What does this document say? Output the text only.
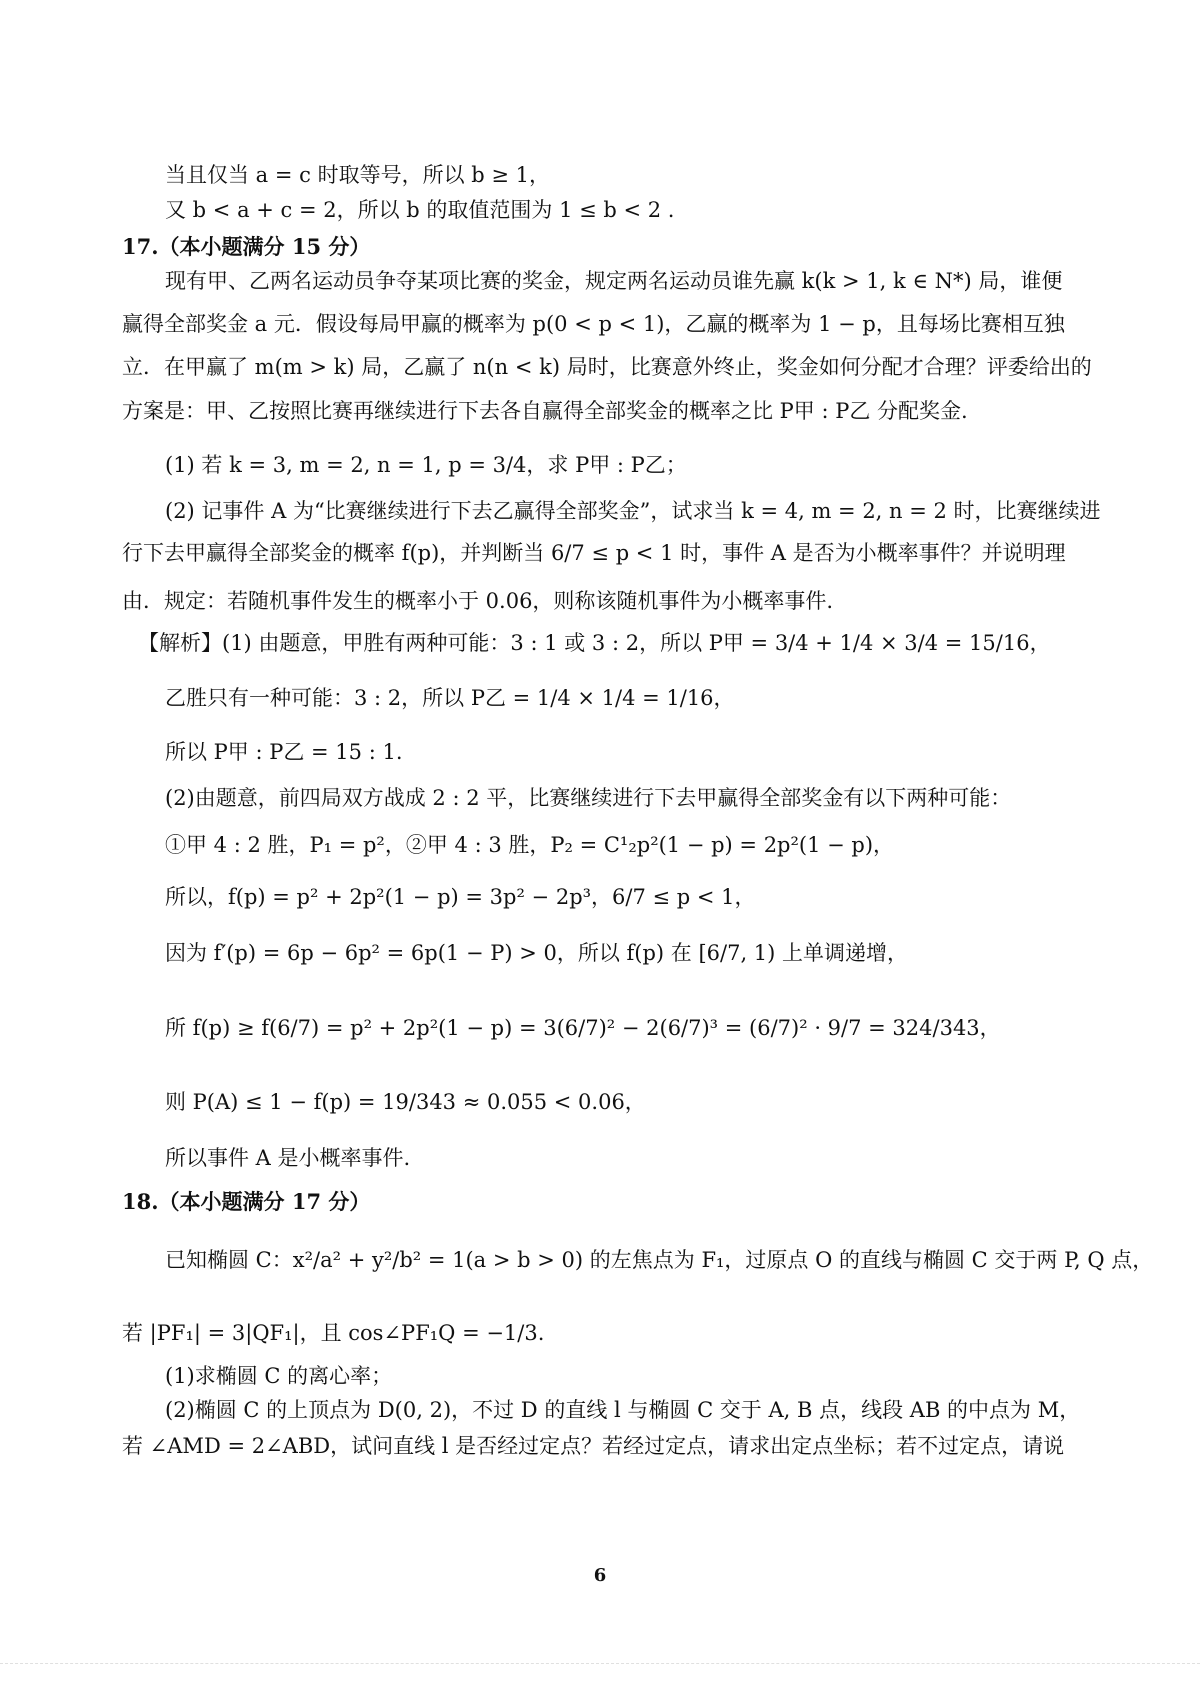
当且仅当 a = c 时取等号，所以 b ≥ 1，
又 b < a + c = 2，所以 b 的取值范围为 1 ≤ b < 2 .
17.（本小题满分 15 分）
现有甲、乙两名运动员争夺某项比赛的奖金，规定两名运动员谁先赢 k(k > 1, k ∈ N*) 局，谁便
赢得全部奖金 a 元．假设每局甲赢的概率为 p(0 < p < 1)，乙赢的概率为 1 − p，且每场比赛相互独
立．在甲赢了 m(m > k) 局，乙赢了 n(n < k) 局时，比赛意外终止，奖金如何分配才合理？评委给出的
方案是：甲、乙按照比赛再继续进行下去各自赢得全部奖金的概率之比 P甲 : P乙 分配奖金.
(1) 若 k = 3, m = 2, n = 1, p = 3/4，求 P甲 : P乙；
(2) 记事件 A 为“比赛继续进行下去乙赢得全部奖金”，试求当 k = 4, m = 2, n = 2 时，比赛继续进
行下去甲赢得全部奖金的概率 f(p)，并判断当 6/7 ≤ p < 1 时，事件 A 是否为小概率事件？并说明理
由．规定：若随机事件发生的概率小于 0.06，则称该随机事件为小概率事件.
【解析】(1) 由题意，甲胜有两种可能：3 : 1 或 3 : 2，所以 P甲 = 3/4 + 1/4 × 3/4 = 15/16，
乙胜只有一种可能：3 : 2，所以 P乙 = 1/4 × 1/4 = 1/16，
所以 P甲 : P乙 = 15 : 1.
(2)由题意，前四局双方战成 2 : 2 平，比赛继续进行下去甲赢得全部奖金有以下两种可能：
①甲 4 : 2 胜，P₁ = p²，②甲 4 : 3 胜，P₂ = C¹₂p²(1 − p) = 2p²(1 − p)，
所以，f(p) = p² + 2p²(1 − p) = 3p² − 2p³，6/7 ≤ p < 1，
因为 f′(p) = 6p − 6p² = 6p(1 − P) > 0，所以 f(p) 在 [6/7, 1) 上单调递增，
所 f(p) ≥ f(6/7) = p² + 2p²(1 − p) = 3(6/7)² − 2(6/7)³ = (6/7)² · 9/7 = 324/343，
则 P(A) ≤ 1 − f(p) = 19/343 ≈ 0.055 < 0.06，
所以事件 A 是小概率事件.
18.（本小题满分 17 分）
已知椭圆 C：x²/a² + y²/b² = 1(a > b > 0) 的左焦点为 F₁，过原点 O 的直线与椭圆 C 交于两 P, Q 点，
若 |PF₁| = 3|QF₁|，且 cos∠PF₁Q = −1/3.
(1)求椭圆 C 的离心率；
(2)椭圆 C 的上顶点为 D(0, 2)，不过 D 的直线 l 与椭圆 C 交于 A, B 点，线段 AB 的中点为 M，
若 ∠AMD = 2∠ABD，试问直线 l 是否经过定点？若经过定点，请求出定点坐标；若不过定点，请说
6
